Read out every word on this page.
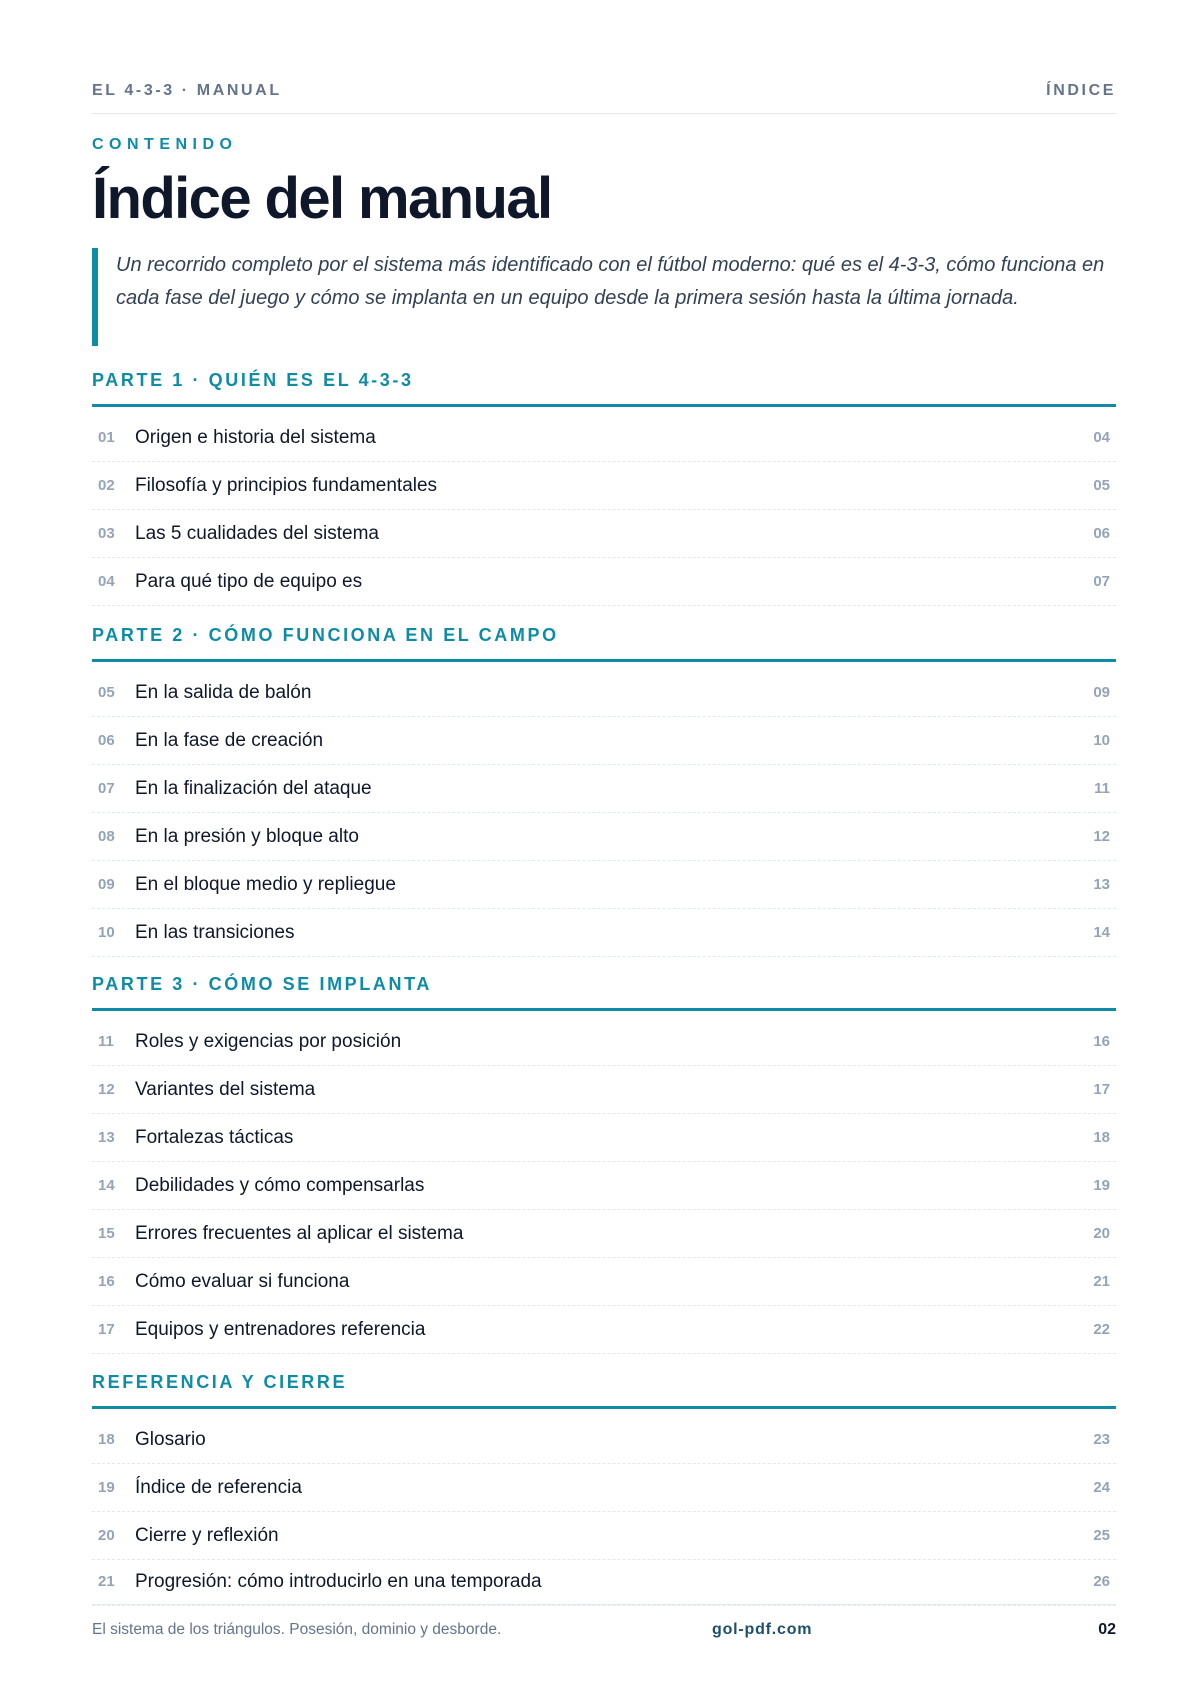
EL 4-3-3 · MANUAL	ÍNDICE
CONTENIDO
Índice del manual

Un recorrido completo por el sistema más identificado con el fútbol moderno: qué es el 4-3-3, cómo funciona en cada fase del juego y cómo se implanta en un equipo desde la primera sesión hasta la última jornada.

PARTE 1 · QUIÉN ES EL 4-3-3
01	Origen e historia del sistema	04
02	Filosofía y principios fundamentales	05
03	Las 5 cualidades del sistema	06
04	Para qué tipo de equipo es	07
PARTE 2 · CÓMO FUNCIONA EN EL CAMPO
05	En la salida de balón	09
06	En la fase de creación	10
07	En la finalización del ataque	11
08	En la presión y bloque alto	12
09	En el bloque medio y repliegue	13
10	En las transiciones	14
PARTE 3 · CÓMO SE IMPLANTA
11	Roles y exigencias por posición	16
12	Variantes del sistema	17
13	Fortalezas tácticas	18
14	Debilidades y cómo compensarlas	19
15	Errores frecuentes al aplicar el sistema	20
16	Cómo evaluar si funciona	21
17	Equipos y entrenadores referencia	22
REFERENCIA Y CIERRE
18	Glosario	23
19	Índice de referencia	24
20	Cierre y reflexión	25
21	Progresión: cómo introducirlo en una temporada	26
El sistema de los triángulos. Posesión, dominio y desborde.	gol-pdf.com	02
